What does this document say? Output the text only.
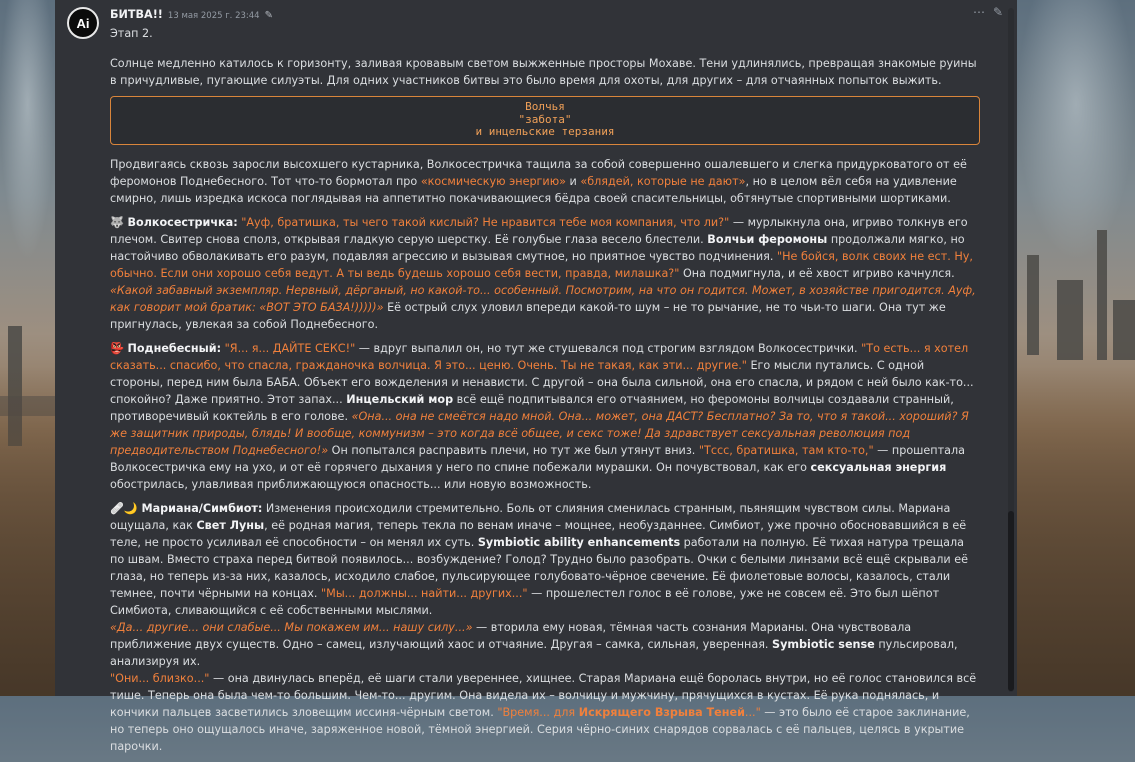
Ai
БИТВА!! 13 мая 2025 г. 23:44 ✎	⋯ ✎

Этап 2.

Солнце медленно катилось к горизонту, заливая кровавым светом выжженные просторы Мохаве. Тени удлинялись, превращая знакомые руины в причудливые, пугающие силуэты. Для одних участников битвы это было время для охоты, для других – для отчаянных попыток выжить.

Волчья
"забота"
и инцельские терзания

Продвигаясь сквозь заросли высохшего кустарника, Волкосестричка тащила за собой совершенно ошалевшего и слегка придурковатого от её феромонов Поднебесного. Тот что-то бормотал про «космическую энергию» и «блядей, которые не дают», но в целом вёл себя на удивление смирно, лишь изредка искоса поглядывая на аппетитно покачивающиеся бёдра своей спасительницы, обтянутые спортивными шортиками.

🐺 Волкосестричка: "Ауф, братишка, ты чего такой кислый? Не нравится тебе моя компания, что ли?" — мурлыкнула она, игриво толкнув его плечом. Свитер снова сполз, открывая гладкую серую шерстку. Её голубые глаза весело блестели. Волчьи феромоны продолжали мягко, но настойчиво обволакивать его разум, подавляя агрессию и вызывая смутное, но приятное чувство подчинения. "Не бойся, волк своих не ест. Ну, обычно. Если они хорошо себя ведут. А ты ведь будешь хорошо себя вести, правда, милашка?" Она подмигнула, и её хвост игриво качнулся. «Какой забавный экземпляр. Нервный, дёрганый, но какой-то... особенный. Посмотрим, на что он годится. Может, в хозяйстве пригодится. Ауф, как говорит мой братик: «ВОТ ЭТО БАЗА!)))))» Её острый слух уловил впереди какой-то шум – не то рычание, не то чьи-то шаги. Она тут же пригнулась, увлекая за собой Поднебесного.

👺 Поднебесный: "Я... я... ДАЙТЕ СЕКС!" — вдруг выпалил он, но тут же стушевался под строгим взглядом Волкосестрички. "То есть... я хотел сказать... спасибо, что спасла, гражданочка волчица. Я это... ценю. Очень. Ты не такая, как эти... другие." Его мысли путались. С одной стороны, перед ним была БАБА. Объект его вожделения и ненависти. С другой – она была сильной, она его спасла, и рядом с ней было как-то... спокойно? Даже приятно. Этот запах... Инцельский мор всё ещё подпитывался его отчаянием, но феромоны волчицы создавали странный, противоречивый коктейль в его голове. «Она... она не смеётся надо мной. Она... может, она ДАСТ? Бесплатно? За то, что я такой... хороший? Я же защитник природы, блядь! И вообще, коммунизм – это когда всё общее, и секс тоже! Да здравствует сексуальная революция под предводительством Поднебесного!» Он попытался расправить плечи, но тут же был утянут вниз. "Тссс, братишка, там кто-то," — прошептала Волкосестричка ему на ухо, и от её горячего дыхания у него по спине побежали мурашки. Он почувствовал, как его сексуальная энергия обострилась, улавливая приближающуюся опасность... или новую возможность.

🩹🌙 Мариана/Симбиот: Изменения происходили стремительно. Боль от слияния сменилась странным, пьянящим чувством силы. Мариана ощущала, как Свет Луны, её родная магия, теперь текла по венам иначе – мощнее, необузданнее. Симбиот, уже прочно обосновавшийся в её теле, не просто усиливал её способности – он менял их суть. Symbiotic ability enhancements работали на полную. Её тихая натура трещала по швам. Вместо страха перед битвой появилось... возбуждение? Голод? Трудно было разобрать. Очки с белыми линзами всё ещё скрывали её глаза, но теперь из-за них, казалось, исходило слабое, пульсирующее голубовато-чёрное свечение. Её фиолетовые волосы, казалось, стали темнее, почти чёрными на концах. "Мы... должны... найти... других..." — прошелестел голос в её голове, уже не совсем её. Это был шёпот Симбиота, сливающийся с её собственными мыслями.
«Да... другие... они слабые... Мы покажем им... нашу силу...» — вторила ему новая, тёмная часть сознания Марианы. Она чувствовала приближение двух существ. Одно – самец, излучающий хаос и отчаяние. Другая – самка, сильная, уверенная. Symbiotic sense пульсировал, анализируя их.
"Они... близко..." — она двинулась вперёд, её шаги стали увереннее, хищнее. Старая Мариана ещё боролась внутри, но её голос становился всё тише. Теперь она была чем-то большим. Чем-то... другим. Она видела их – волчицу и мужчину, прячущихся в кустах. Её рука поднялась, и кончики пальцев засветились зловещим иссиня-чёрным светом. "Время... для Искрящего Взрыва Теней..." — это было её старое заклинание, но теперь оно ощущалось иначе, заряженное новой, тёмной энергией. Серия чёрно-синих снарядов сорвалась с её пальцев, целясь в укрытие парочки.
